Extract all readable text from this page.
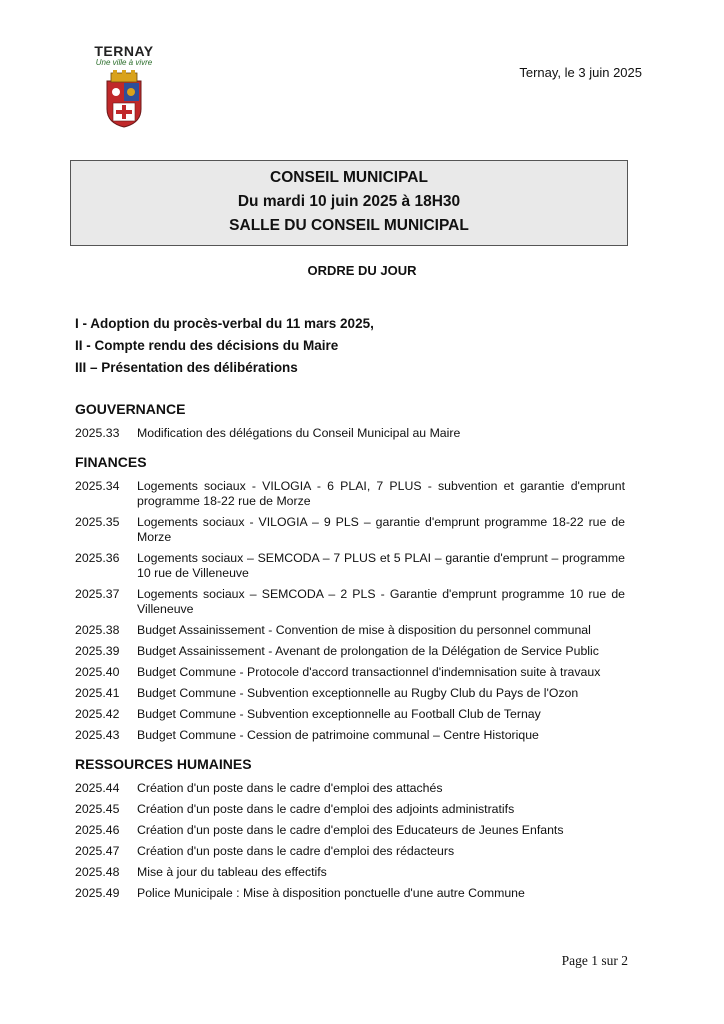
TERNAY
Une ville à vivre
Ternay, le 3 juin 2025
CONSEIL MUNICIPAL
Du mardi 10 juin 2025 à 18H30
SALLE DU CONSEIL MUNICIPAL
ORDRE DU JOUR
I - Adoption du procès-verbal du 11 mars 2025,
II - Compte rendu des décisions du Maire
III – Présentation des délibérations
GOUVERNANCE
2025.33	Modification des délégations du Conseil Municipal au Maire
FINANCES
2025.34	Logements sociaux - VILOGIA - 6 PLAI, 7 PLUS - subvention et garantie d'emprunt programme 18-22 rue de Morze
2025.35	Logements sociaux - VILOGIA – 9 PLS – garantie d'emprunt programme 18-22 rue de Morze
2025.36	Logements sociaux – SEMCODA – 7 PLUS et 5 PLAI – garantie d'emprunt – programme 10 rue de Villeneuve
2025.37	Logements sociaux – SEMCODA – 2 PLS - Garantie d'emprunt programme 10 rue de Villeneuve
2025.38	Budget Assainissement - Convention de mise à disposition du personnel communal
2025.39	Budget Assainissement - Avenant de prolongation de la Délégation de Service Public
2025.40	Budget Commune - Protocole d'accord transactionnel d'indemnisation suite à travaux
2025.41	Budget Commune - Subvention exceptionnelle au Rugby Club du Pays de l'Ozon
2025.42	Budget Commune - Subvention exceptionnelle au Football Club de Ternay
2025.43	Budget Commune - Cession de patrimoine communal – Centre Historique
RESSOURCES HUMAINES
2025.44	Création d'un poste dans le cadre d'emploi des attachés
2025.45	Création d'un poste dans le cadre d'emploi des adjoints administratifs
2025.46	Création d'un poste dans le cadre d'emploi des Educateurs de Jeunes Enfants
2025.47	Création d'un poste dans le cadre d'emploi des rédacteurs
2025.48	Mise à jour du tableau des effectifs
2025.49	Police Municipale : Mise à disposition ponctuelle d'une autre Commune
Page 1 sur 2
